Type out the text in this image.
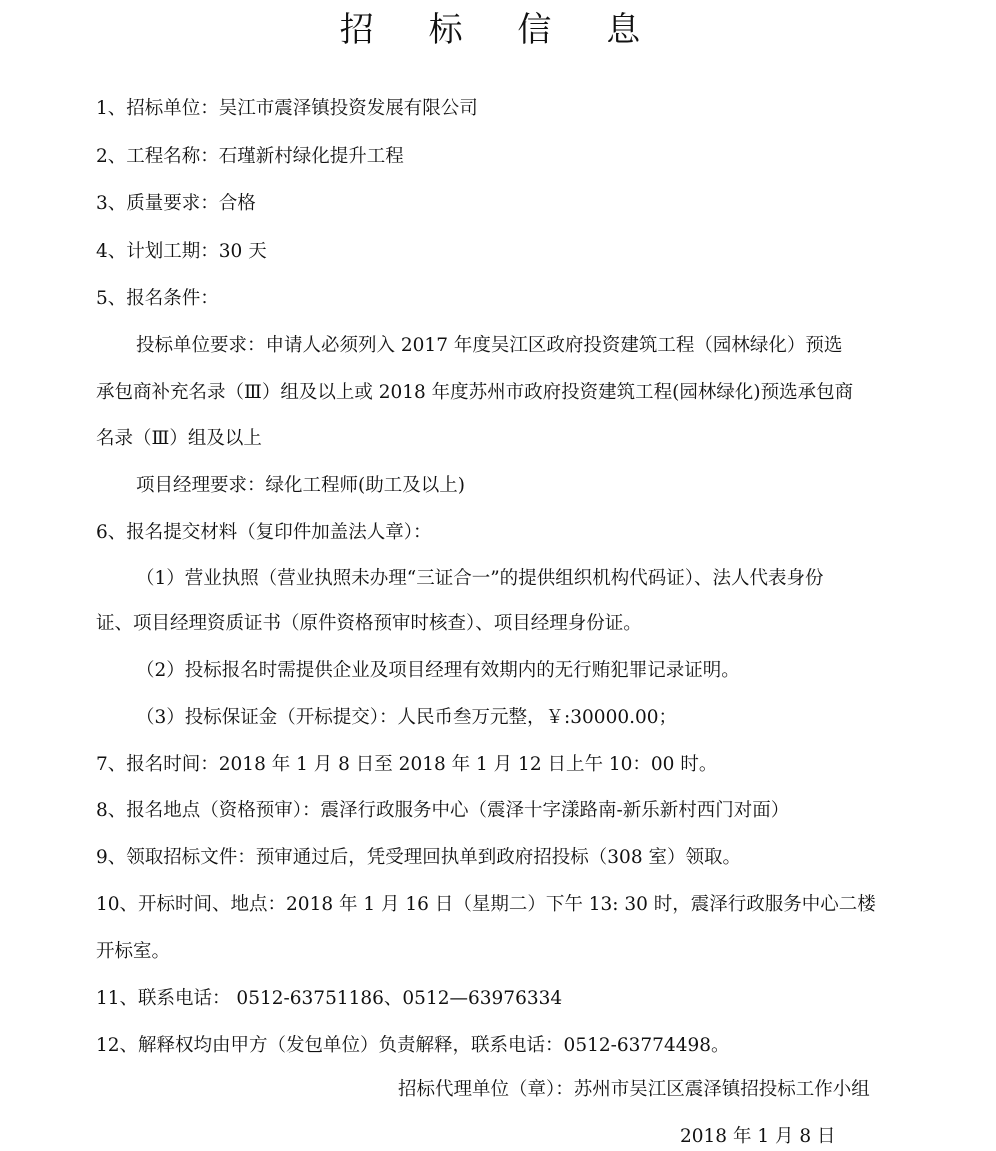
招 标 信 息
1、招标单位：吴江市震泽镇投资发展有限公司
2、工程名称：石瑾新村绿化提升工程
3、质量要求：合格
4、计划工期：30 天
5、报名条件：
投标单位要求：申请人必须列入 2017 年度吴江区政府投资建筑工程（园林绿化）预选
承包商补充名录（Ⅲ）组及以上或 2018 年度苏州市政府投资建筑工程(园林绿化)预选承包商
名录（Ⅲ）组及以上
项目经理要求：绿化工程师(助工及以上)
6、报名提交材料（复印件加盖法人章）：
（1）营业执照（营业执照未办理“三证合一”的提供组织机构代码证）、法人代表身份
证、项目经理资质证书（原件资格预审时核查）、项目经理身份证。
（2）投标报名时需提供企业及项目经理有效期内的无行贿犯罪记录证明。
（3）投标保证金（开标提交）：人民币叁万元整，￥:30000.00；
7、报名时间：2018 年 1 月 8 日至 2018 年 1 月 12 日上午 10：00 时。
8、报名地点（资格预审）：震泽行政服务中心（震泽十字漾路南-新乐新村西门对面）
9、领取招标文件：预审通过后，凭受理回执单到政府招投标（308 室）领取。
10、开标时间、地点：2018 年 1 月 16 日（星期二）下午 13: 30 时，震泽行政服务中心二楼
开标室。
11、联系电话： 0512-63751186、0512—63976334
12、解释权均由甲方（发包单位）负责解释，联系电话：0512-63774498。
招标代理单位（章）：苏州市吴江区震泽镇招投标工作小组
2018 年 1 月 8 日
